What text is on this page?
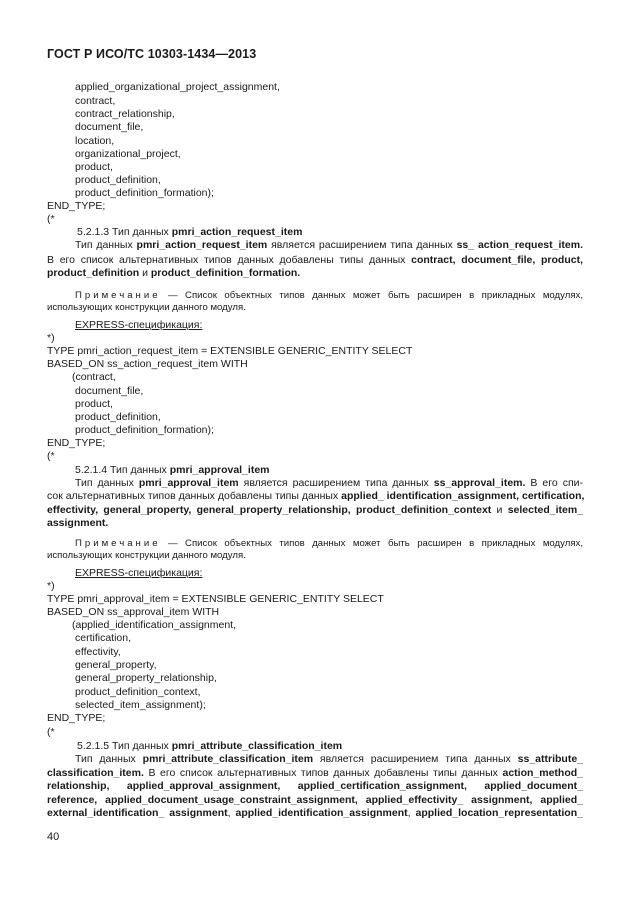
ГОСТ Р ИСО/ТС 10303-1434—2013
applied_organizational_project_assignment,
contract,
contract_relationship,
document_file,
location,
organizational_project,
product,
product_definition,
product_definition_formation);
END_TYPE;
(*
5.2.1.3 Тип данных pmri_action_request_item
Тип данных pmri_action_request_item является расширением типа данных ss_ action_request_item.
В его список альтернативных типов данных добавлены типы данных contract, document_file, product,
product_definition и product_definition_formation.
Примечание — Список объектных типов данных может быть расширен в прикладных модулях,
использующих конструкции данного модуля.
EXPRESS-спецификация:
*)
TYPE pmri_action_request_item = EXTENSIBLE GENERIC_ENTITY SELECT
BASED_ON ss_action_request_item WITH
(contract,
document_file,
product,
product_definition,
product_definition_formation);
END_TYPE;
(*
5.2.1.4 Тип данных pmri_approval_item
Тип данных pmri_approval_item является расширением типа данных ss_approval_item. В его спи-
сок альтернативных типов данных добавлены типы данных applied_ identification_assignment, certification,
effectivity, general_property, general_property_relationship, product_definition_context и selected_item_
assignment.
Примечание — Список объектных типов данных может быть расширен в прикладных модулях,
использующих конструкции данного модуля.
EXPRESS-спецификация:
*)
TYPE pmri_approval_item = EXTENSIBLE GENERIC_ENTITY SELECT
BASED_ON ss_approval_item WITH
(applied_identification_assignment,
certification,
effectivity,
general_property,
general_property_relationship,
product_definition_context,
selected_item_assignment);
END_TYPE;
(*
5.2.1.5 Тип данных pmri_attribute_classification_item
Тип данных pmri_attribute_classification_item является расширением типа данных ss_attribute_
classification_item. В его список альтернативных типов данных добавлены типы данных action_method_
relationship, applied_approval_assignment, applied_certification_assignment, applied_document_
reference, applied_document_usage_constraint_assignment, applied_effectivity_ assignment, applied_
external_identification_ assignment, applied_identification_assignment, applied_location_representation_
40
